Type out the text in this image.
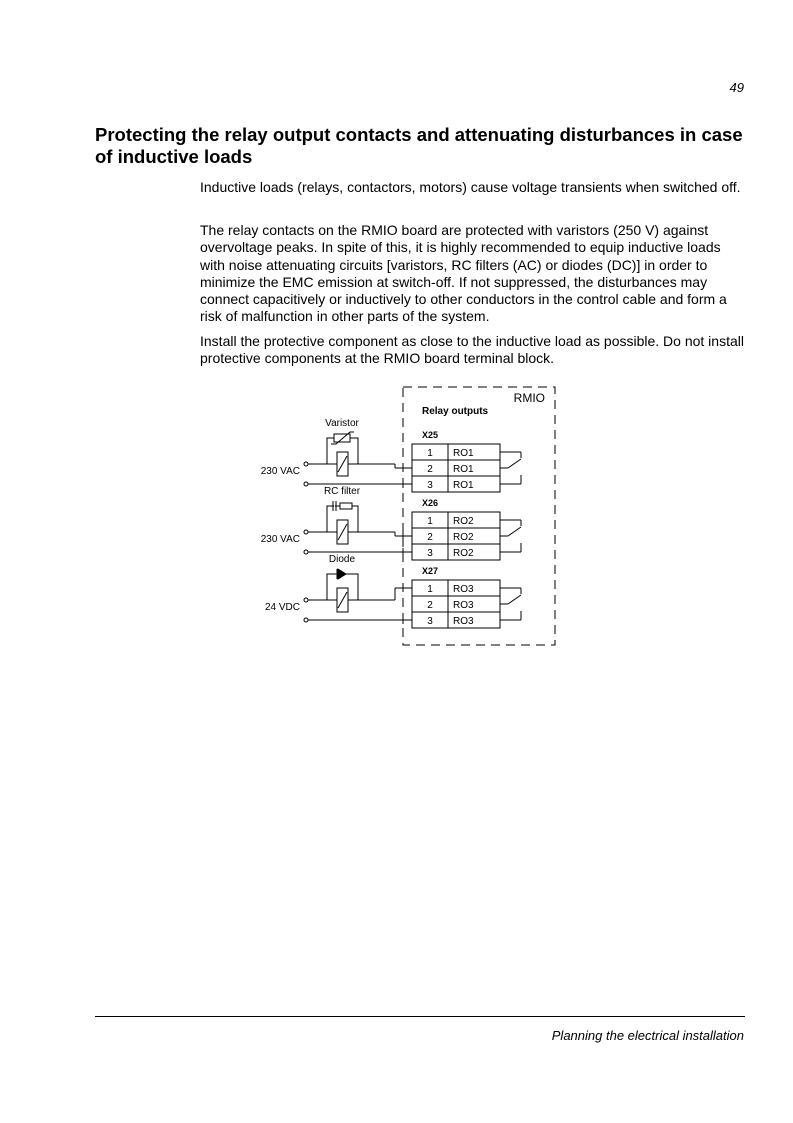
49
Protecting the relay output contacts and attenuating disturbances in case of inductive loads

Inductive loads (relays, contactors, motors) cause voltage transients when switched off.

The relay contacts on the RMIO board are protected with varistors (250 V) against overvoltage peaks. In spite of this, it is highly recommended to equip inductive loads with noise attenuating circuits [varistors, RC filters (AC) or diodes (DC)] in order to minimize the EMC emission at switch-off. If not suppressed, the disturbances may connect capacitively or inductively to other conductors in the control cable and form a risk of malfunction in other parts of the system.

Install the protective component as close to the inductive load as possible. Do not install protective components at the RMIO board terminal block.

RMIO
Relay outputs
X25
1 RO1
2 RO1
3 RO1
230 VAC
Varistor
X26
1 RO2
2 RO2
3 RO2
230 VAC
RC filter
X27
1 RO3
2 RO3
3 RO3
24 VDC
Diode
Planning the electrical installation
